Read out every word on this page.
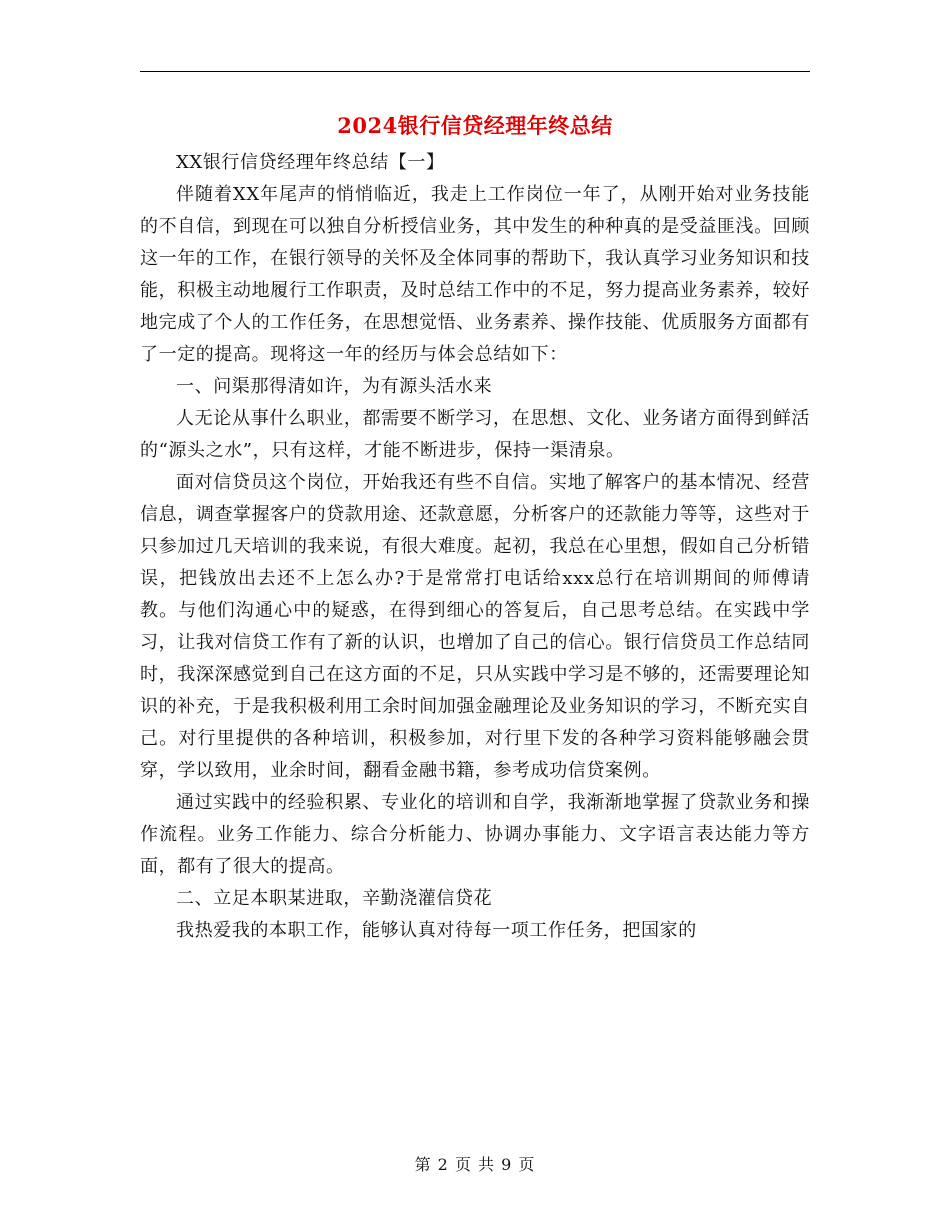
2024银行信贷经理年终总结

XX银行信贷经理年终总结【一】

伴随着XX年尾声的悄悄临近，我走上工作岗位一年了，从刚开始对业务技能的不自信，到现在可以独自分析授信业务，其中发生的种种真的是受益匪浅。回顾这一年的工作，在银行领导的关怀及全体同事的帮助下，我认真学习业务知识和技能，积极主动地履行工作职责，及时总结工作中的不足，努力提高业务素养，较好地完成了个人的工作任务，在思想觉悟、业务素养、操作技能、优质服务方面都有了一定的提高。现将这一年的经历与体会总结如下：

一、问渠那得清如许，为有源头活水来

人无论从事什么职业，都需要不断学习，在思想、文化、业务诸方面得到鲜活的“源头之水”，只有这样，才能不断进步，保持一渠清泉。

面对信贷员这个岗位，开始我还有些不自信。实地了解客户的基本情况、经营信息，调查掌握客户的贷款用途、还款意愿，分析客户的还款能力等等，这些对于只参加过几天培训的我来说，有很大难度。起初，我总在心里想，假如自己分析错误，把钱放出去还不上怎么办?于是常常打电话给xxx总行在培训期间的师傅请教。与他们沟通心中的疑惑，在得到细心的答复后，自己思考总结。在实践中学习，让我对信贷工作有了新的认识，也增加了自己的信心。银行信贷员工作总结同时，我深深感觉到自己在这方面的不足，只从实践中学习是不够的，还需要理论知识的补充，于是我积极利用工余时间加强金融理论及业务知识的学习，不断充实自己。对行里提供的各种培训，积极参加，对行里下发的各种学习资料能够融会贯穿，学以致用，业余时间，翻看金融书籍，参考成功信贷案例。

通过实践中的经验积累、专业化的培训和自学，我渐渐地掌握了贷款业务和操作流程。业务工作能力、综合分析能力、协调办事能力、文字语言表达能力等方面，都有了很大的提高。

二、立足本职某进取，辛勤浇灌信贷花

我热爱我的本职工作，能够认真对待每一项工作任务，把国家的

第 2 页 共 9 页
